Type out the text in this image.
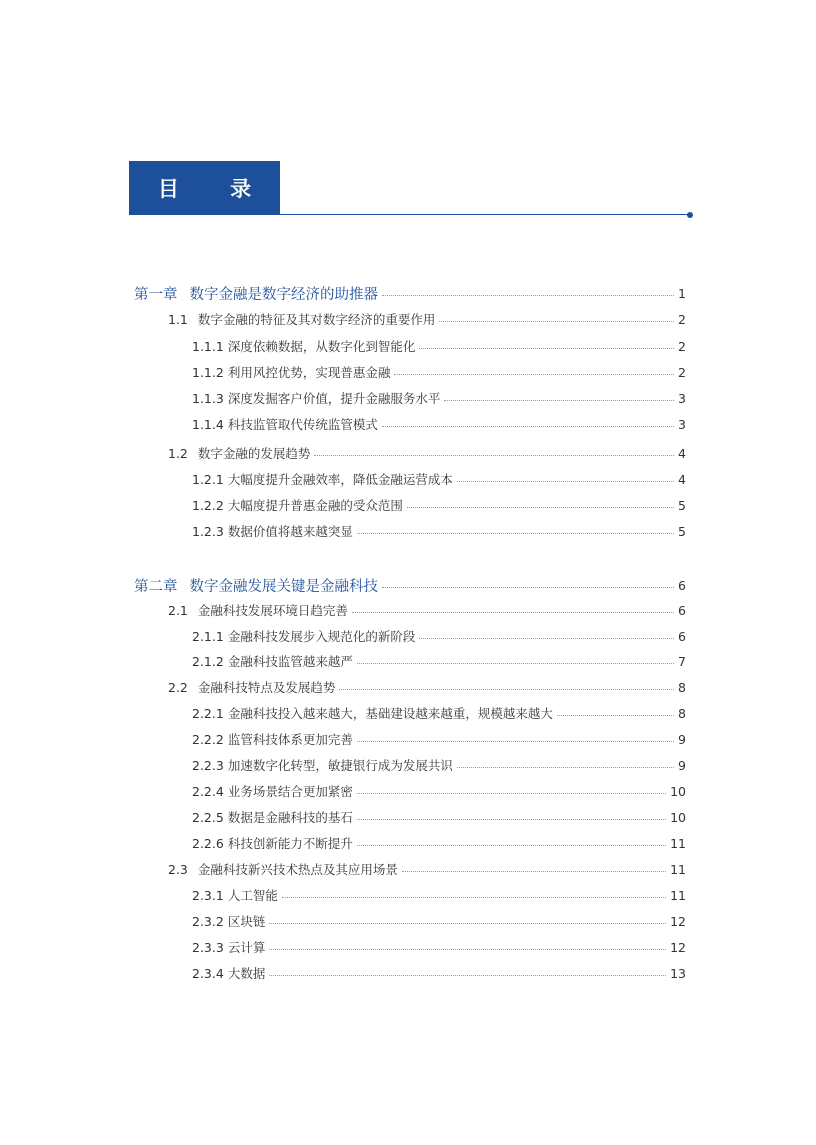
目 录
第一章 数字金融是数字经济的助推器	1
1.1 数字金融的特征及其对数字经济的重要作用	2
1.1.1 深度依赖数据，从数字化到智能化	2
1.1.2 利用风控优势，实现普惠金融	2
1.1.3 深度发掘客户价值，提升金融服务水平	3
1.1.4 科技监管取代传统监管模式	3
1.2 数字金融的发展趋势	4
1.2.1 大幅度提升金融效率，降低金融运营成本	4
1.2.2 大幅度提升普惠金融的受众范围	5
1.2.3 数据价值将越来越突显	5
第二章 数字金融发展关键是金融科技	6
2.1 金融科技发展环境日趋完善	6
2.1.1 金融科技发展步入规范化的新阶段	6
2.1.2 金融科技监管越来越严	7
2.2 金融科技特点及发展趋势	8
2.2.1 金融科技投入越来越大，基础建设越来越重，规模越来越大	8
2.2.2 监管科技体系更加完善	9
2.2.3 加速数字化转型，敏捷银行成为发展共识	9
2.2.4 业务场景结合更加紧密	10
2.2.5 数据是金融科技的基石	10
2.2.6 科技创新能力不断提升	11
2.3 金融科技新兴技术热点及其应用场景	11
2.3.1 人工智能	11
2.3.2 区块链	12
2.3.3 云计算	12
2.3.4 大数据	13
